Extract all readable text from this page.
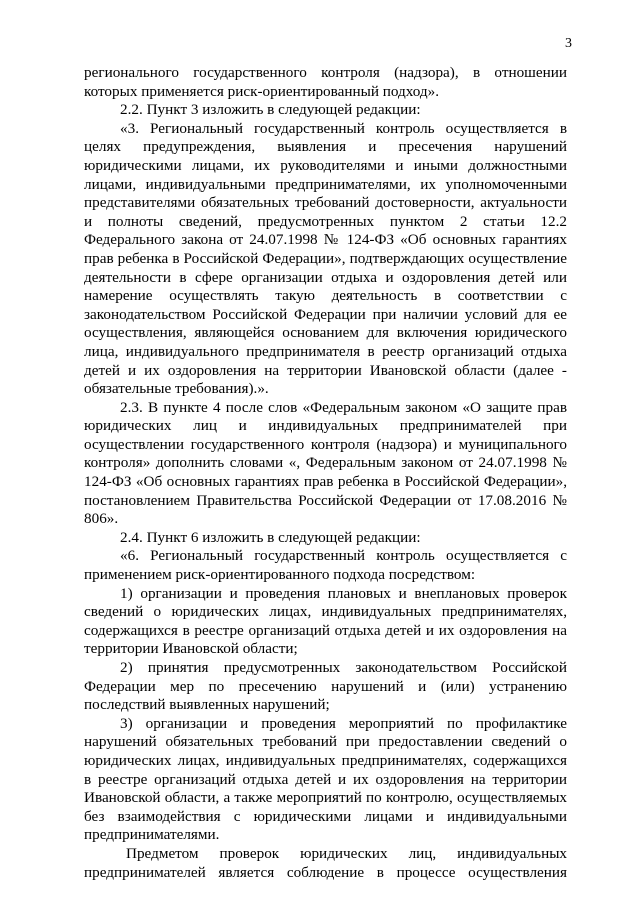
3

регионального государственного контроля (надзора), в отношении которых применяется риск-ориентированный подход».

2.2. Пункт 3 изложить в следующей редакции:

«3. Региональный государственный контроль осуществляется в целях предупреждения, выявления и пресечения нарушений юридическими лицами, их руководителями и иными должностными лицами, индивидуальными предпринимателями, их уполномоченными представителями обязательных требований достоверности, актуальности и полноты сведений, предусмотренных пунктом 2 статьи 12.2 Федерального закона от 24.07.1998 № 124-ФЗ «Об основных гарантиях прав ребенка в Российской Федерации», подтверждающих осуществление деятельности в сфере организации отдыха и оздоровления детей или намерение осуществлять такую деятельность в соответствии с законодательством Российской Федерации при наличии условий для ее осуществления, являющейся основанием для включения юридического лица, индивидуального предпринимателя в реестр организаций отдыха детей и их оздоровления на территории Ивановской области (далее - обязательные требования).».

2.3. В пункте 4 после слов «Федеральным законом «О защите прав юридических лиц и индивидуальных предпринимателей при осуществлении государственного контроля (надзора) и муниципального контроля» дополнить словами «, Федеральным законом от 24.07.1998 № 124-ФЗ «Об основных гарантиях прав ребенка в Российской Федерации», постановлением Правительства Российской Федерации от 17.08.2016 № 806».

2.4. Пункт 6 изложить в следующей редакции:

«6. Региональный государственный контроль осуществляется с применением риск-ориентированного подхода посредством:

1) организации и проведения плановых и внеплановых проверок сведений о юридических лицах, индивидуальных предпринимателях, содержащихся в реестре организаций отдыха детей и их оздоровления на территории Ивановской области;

2) принятия предусмотренных законодательством Российской Федерации мер по пресечению нарушений и (или) устранению последствий выявленных нарушений;

3) организации и проведения мероприятий по профилактике нарушений обязательных требований при предоставлении сведений о юридических лицах, индивидуальных предпринимателях, содержащихся в реестре организаций отдыха детей и их оздоровления на территории Ивановской области, а также мероприятий по контролю, осуществляемых без взаимодействия с юридическими лицами и индивидуальными предпринимателями.

Предметом проверок юридических лиц, индивидуальных предпринимателей является соблюдение в процессе осуществления
